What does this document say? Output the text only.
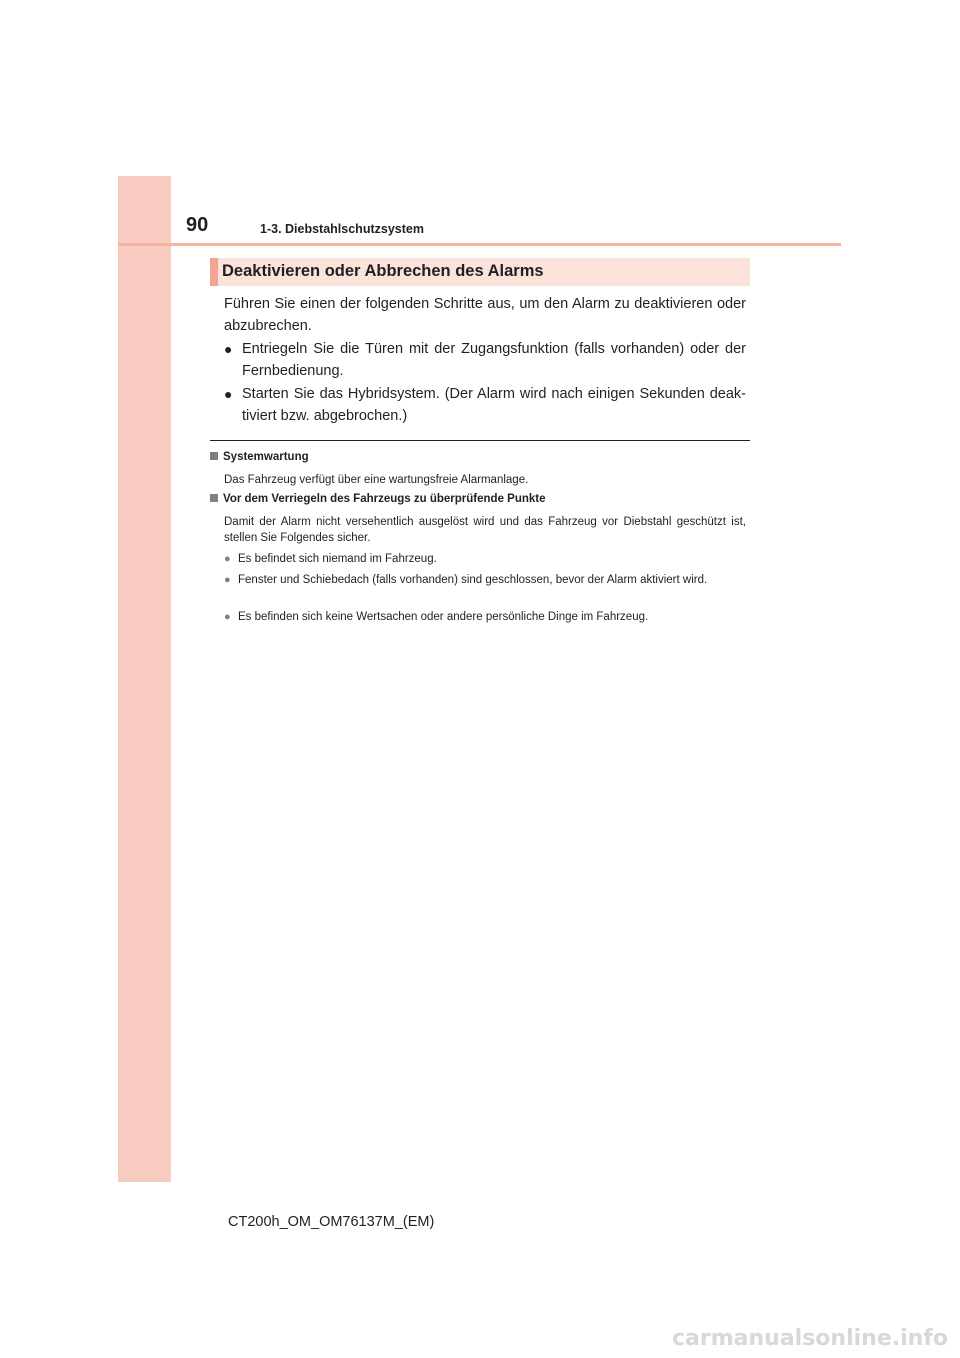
90	1-3. Diebstahlschutzsystem
Deaktivieren oder Abbrechen des Alarms
Führen Sie einen der folgenden Schritte aus, um den Alarm zu deaktivieren oder abzubrechen.
● Entriegeln Sie die Türen mit der Zugangsfunktion (falls vorhanden) oder der Fernbedienung.
● Starten Sie das Hybridsystem. (Der Alarm wird nach einigen Sekunden deak-tiviert bzw. abgebrochen.)
Systemwartung
Das Fahrzeug verfügt über eine wartungsfreie Alarmanlage.
Vor dem Verriegeln des Fahrzeugs zu überprüfende Punkte
Damit der Alarm nicht versehentlich ausgelöst wird und das Fahrzeug vor Diebstahl geschützt ist, stellen Sie Folgendes sicher.
● Es befindet sich niemand im Fahrzeug.
● Fenster und Schiebedach (falls vorhanden) sind geschlossen, bevor der Alarm aktiviert wird.
● Es befinden sich keine Wertsachen oder andere persönliche Dinge im Fahrzeug.
CT200h_OM_OM76137M_(EM)
carmanualsonline.info
